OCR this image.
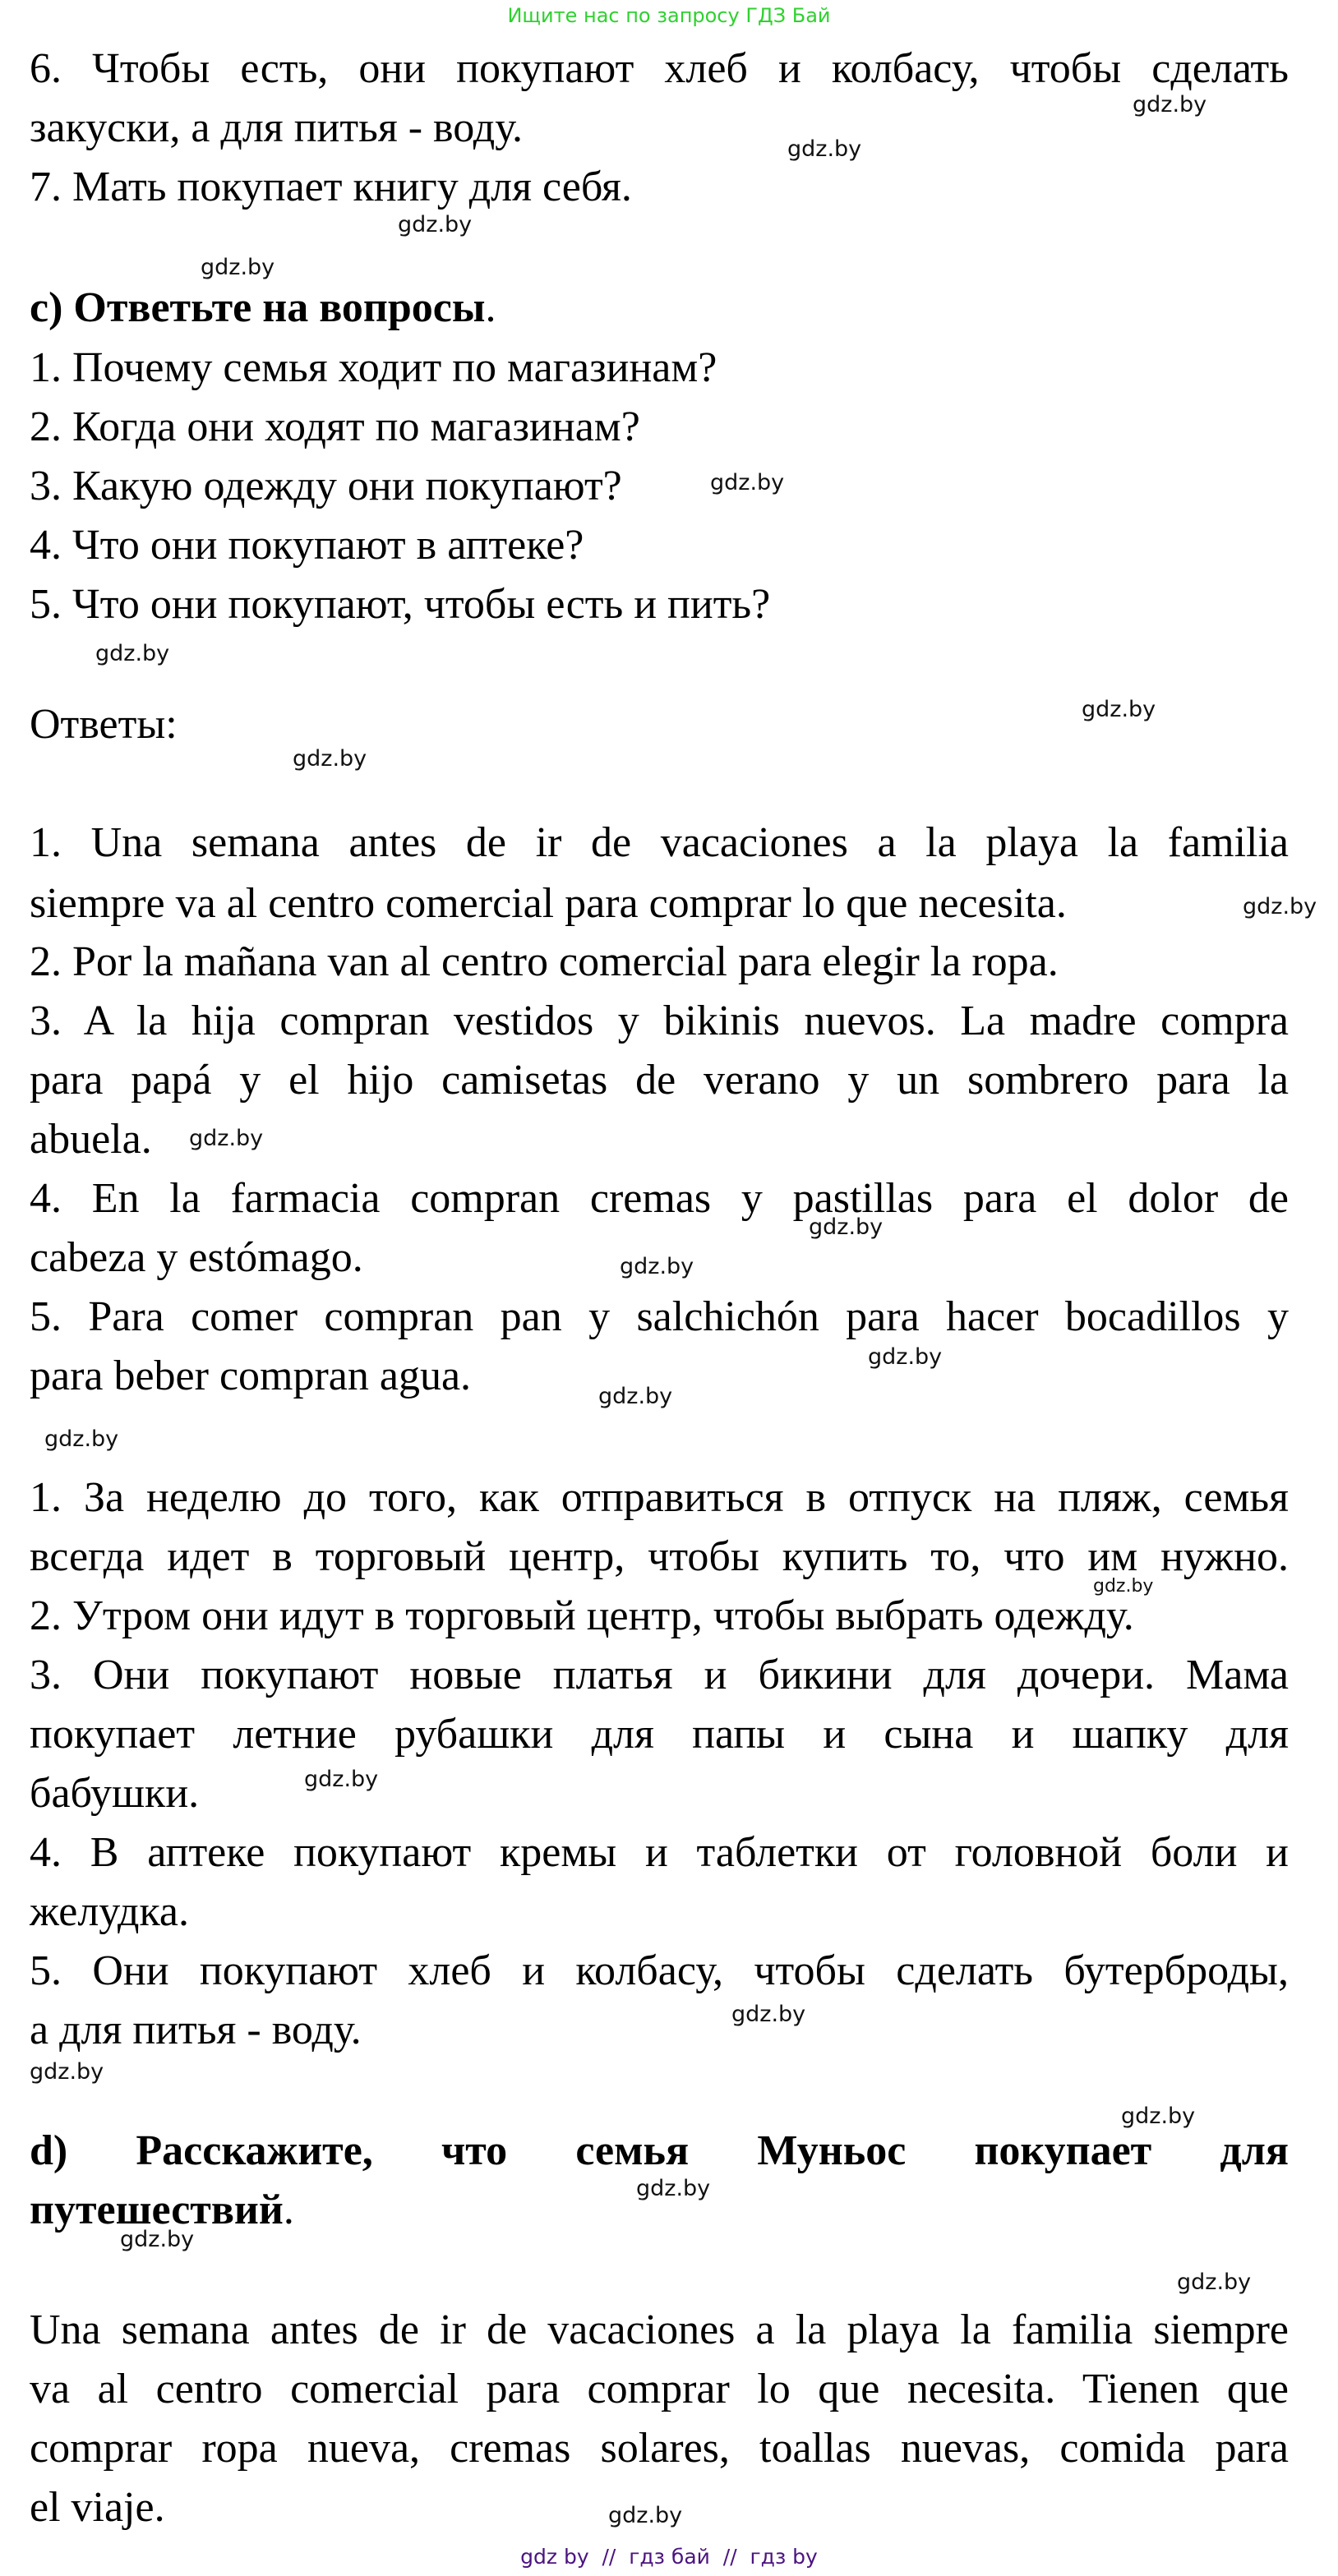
Ищите нас по запросу ГДЗ Бай
6. Чтобы есть, они покупают хлеб и колбасу, чтобы сделать
закуски, а для питья - воду.
7. Мать покупает книгу для себя.
c) Ответьте на вопросы.
1. Почему семья ходит по магазинам?
2. Когда они ходят по магазинам?
3. Какую одежду они покупают?
4. Что они покупают в аптеке?
5. Что они покупают, чтобы есть и пить?
Ответы:
1. Una semana antes de ir de vacaciones a la playa la familia
siempre va al centro comercial para comprar lo que necesita.
2. Por la mañana van al centro comercial para elegir la ropa.
3. A la hija compran vestidos y bikinis nuevos. La madre compra
para papá y el hijo camisetas de verano y un sombrero para la
abuela.
4. En la farmacia compran cremas y pastillas para el dolor de
cabeza y estómago.
5. Para comer compran pan y salchichón para hacer bocadillos y
para beber compran agua.
1. За неделю до того, как отправиться в отпуск на пляж, семья
всегда идет в торговый центр, чтобы купить то, что им нужно.
2. Утром они идут в торговый центр, чтобы выбрать одежду.
3. Они покупают новые платья и бикини для дочери. Мама
покупает летние рубашки для папы и сына и шапку для
бабушки.
4. В аптеке покупают кремы и таблетки от головной боли и
желудка.
5. Они покупают хлеб и колбасу, чтобы сделать бутерброды,
а для питья - воду.
d) Расскажите, что семья Муньос покупает для
путешествий.
Una semana antes de ir de vacaciones a la playa la familia siempre
va al centro comercial para comprar lo que necesita. Tienen que
comprar ropa nueva, cremas solares, toallas nuevas, comida para
el viaje.
gdz.by
gdz.by
gdz.by
gdz.by
gdz.by
gdz.by
gdz.by
gdz.by
gdz.by
gdz.by
gdz.by
gdz.by
gdz.by
gdz.by
gdz.by
gdz.by
gdz.by
gdz.by
gdz.by
gdz.by
gdz.by
gdz.by
gdz.by
gdz.by
gdz by  //  гдз бай  //  гдз by
